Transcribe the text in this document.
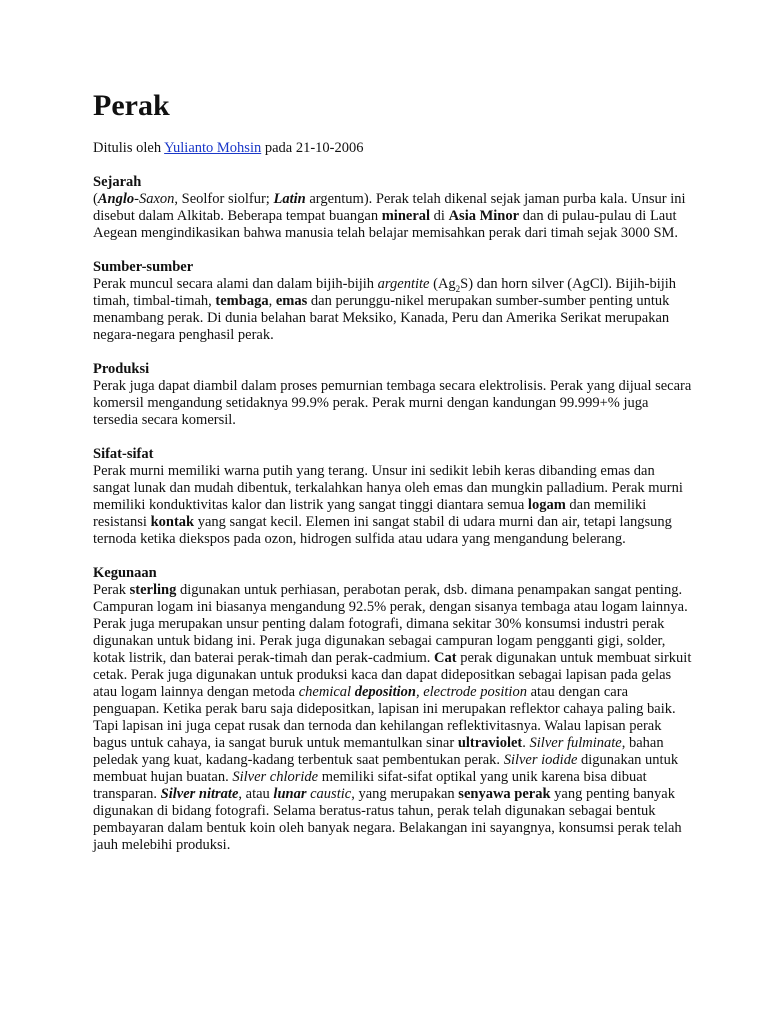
Perak

Ditulis oleh Yulianto Mohsin pada 21-10-2006

Sejarah

(Anglo-Saxon, Seolfor siolfur; Latin argentum). Perak telah dikenal sejak jaman purba kala. Unsur ini disebut dalam Alkitab. Beberapa tempat buangan mineral di Asia Minor dan di pulau-pulau di Laut Aegean mengindikasikan bahwa manusia telah belajar memisahkan perak dari timah sejak 3000 SM.

Sumber-sumber

Perak muncul secara alami dan dalam bijih-bijih argentite $(Ag_2S)$ dan horn silver (AgCl). Bijih-bijih timah, timbal-timah, tembaga, emas dan perunggu-nikel merupakan sumber-sumber penting untuk menambang perak. Di dunia belahan barat Meksiko, Kanada, Peru dan Amerika Serikat merupakan negara-negara penghasil perak.

Produksi

Perak juga dapat diambil dalam proses pemurnian tembaga secara elektrolisis. Perak yang dijual secara komersil mengandung setidaknya 99.9% perak. Perak murni dengan kandungan 99.999+% juga tersedia secara komersil.

Sifat-sifat

Perak murni memiliki warna putih yang terang. Unsur ini sedikit lebih keras dibanding emas dan sangat lunak dan mudah dibentuk, terkalahkan hanya oleh emas dan mungkin palladium. Perak murni memiliki konduktivitas kalor dan listrik yang sangat tinggi diantara semua logam dan memiliki resistansi kontak yang sangat kecil. Elemen ini sangat stabil di udara murni dan air, tetapi langsung ternoda ketika diekspos pada ozon, hidrogen sulfida atau udara yang mengandung belerang.

Kegunaan

Perak sterling digunakan untuk perhiasan, perabotan perak, dsb. dimana penampakan sangat penting. Campuran logam ini biasanya mengandung 92.5% perak, dengan sisanya tembaga atau logam lainnya. Perak juga merupakan unsur penting dalam fotografi, dimana sekitar 30% konsumsi industri perak digunakan untuk bidang ini. Perak juga digunakan sebagai campuran logam pengganti gigi, solder, kotak listrik, dan baterai perak-timah dan perak-cadmium. Cat perak digunakan untuk membuat sirkuit cetak. Perak juga digunakan untuk produksi kaca dan dapat didepositkan sebagai lapisan pada gelas atau logam lainnya dengan metoda chemical deposition, electrode position atau dengan cara penguapan. Ketika perak baru saja didepositkan, lapisan ini merupakan reflektor cahaya paling baik. Tapi lapisan ini juga cepat rusak dan ternoda dan kehilangan reflektivitasnya. Walau lapisan perak bagus untuk cahaya, ia sangat buruk untuk memantulkan sinar ultraviolet. Silver fulminate, bahan peledak yang kuat, kadang-kadang terbentuk saat pembentukan perak. Silver iodide digunakan untuk membuat hujan buatan. Silver chloride memiliki sifat-sifat optikal yang unik karena bisa dibuat transparan. Silver nitrate, atau lunar caustic, yang merupakan senyawa perak yang penting banyak digunakan di bidang fotografi. Selama beratus-ratus tahun, perak telah digunakan sebagai bentuk pembayaran dalam bentuk koin oleh banyak negara. Belakangan ini sayangnya, konsumsi perak telah jauh melebihi produksi.
